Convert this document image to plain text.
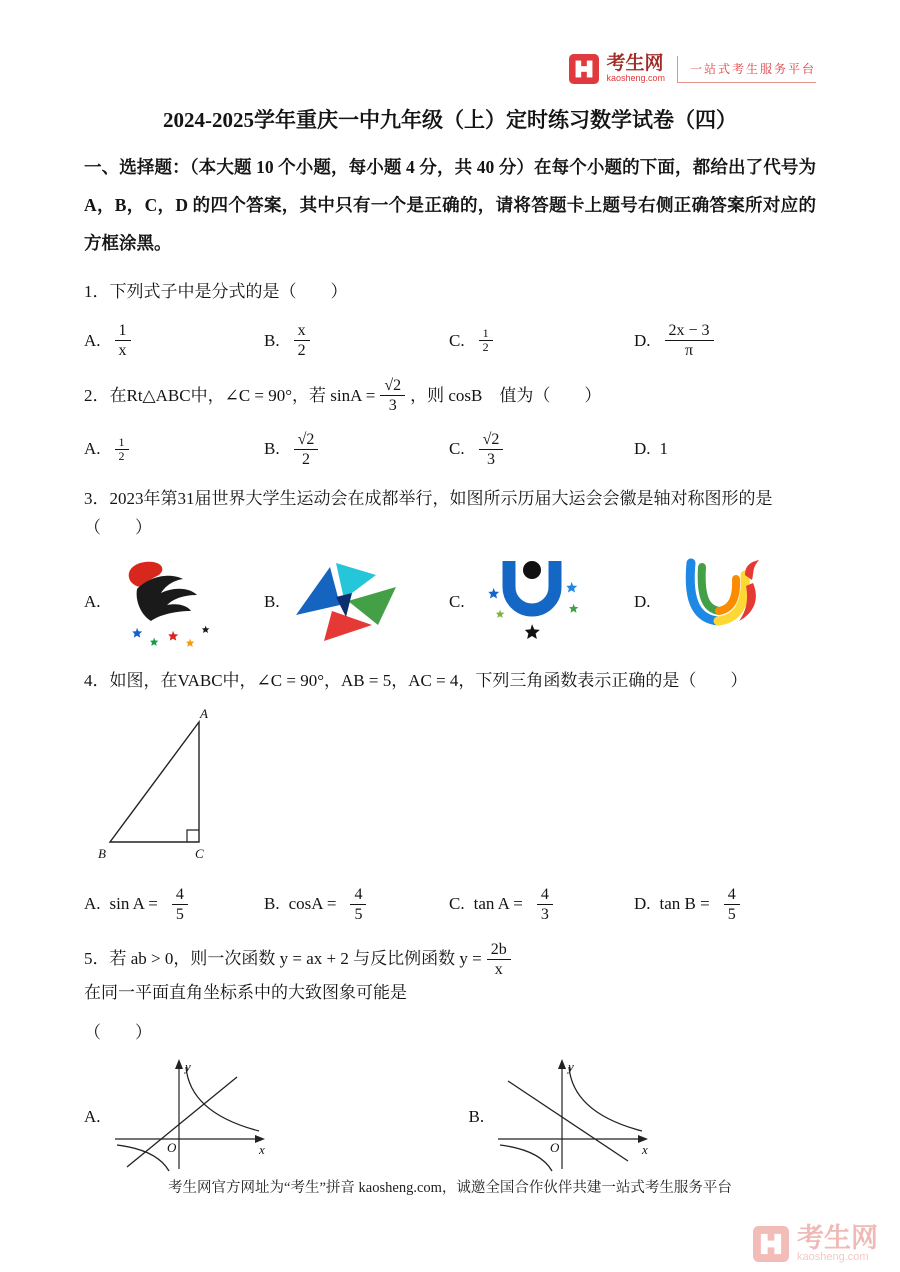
考生网
kaosheng.com
一站式考生服务平台
2024-2025学年重庆一中九年级（上）定时练习数学试卷（四）

一、选择题：（本大题 10 个小题，每小题 4 分，共 40 分）在每个小题的下面，都给出了代号为 A，B，C，D 的四个答案，其中只有一个是正确的，请将答题卡上题号右侧正确答案所对应的方框涂黑。

1．下列式子中是分式的是（　　）

A. $\frac{1}{x}$	B. $\frac{x}{2}$	C. $\frac{1}{2}$	D. $\frac{2x - 3}{\pi}$

2．在Rt△ABC中，∠C = 90°，若 $\sin A = \frac{√2}{3}$ ，则 cosB　值为（　　）

A. $\frac{1}{2}$	B. $\frac{√2}{2}$	C. $\frac{√2}{3}$	D. 1

3．2023年第31届世界大学生运动会在成都举行，如图所示历届大运会会徽是轴对称图形的是（　　）

A.	B.	C.	D.

4．如图，在VABC中，∠C = 90°，AB = 5，AC = 4，下列三角函数表示正确的是（　　）

A
B	C
A. $\sin A = \frac{4}{5}$	B. $\cos A = \frac{4}{5}$	C. $\tan A = \frac{4}{3}$	D. $\tan B = \frac{4}{5}$

5．若 ab > 0，则一次函数 y = ax + 2 与反比例函数 $y = \frac{2b}{x}$
在同一平面直角坐标系中的大致图象可能是

（　　）

A.
y
x
O
B.
y
x
O

考生网官方网址为“考生”拼音 kaosheng.com，诚邀全国合作伙伴共建一站式考生服务平台

考生网
kaosheng.com
